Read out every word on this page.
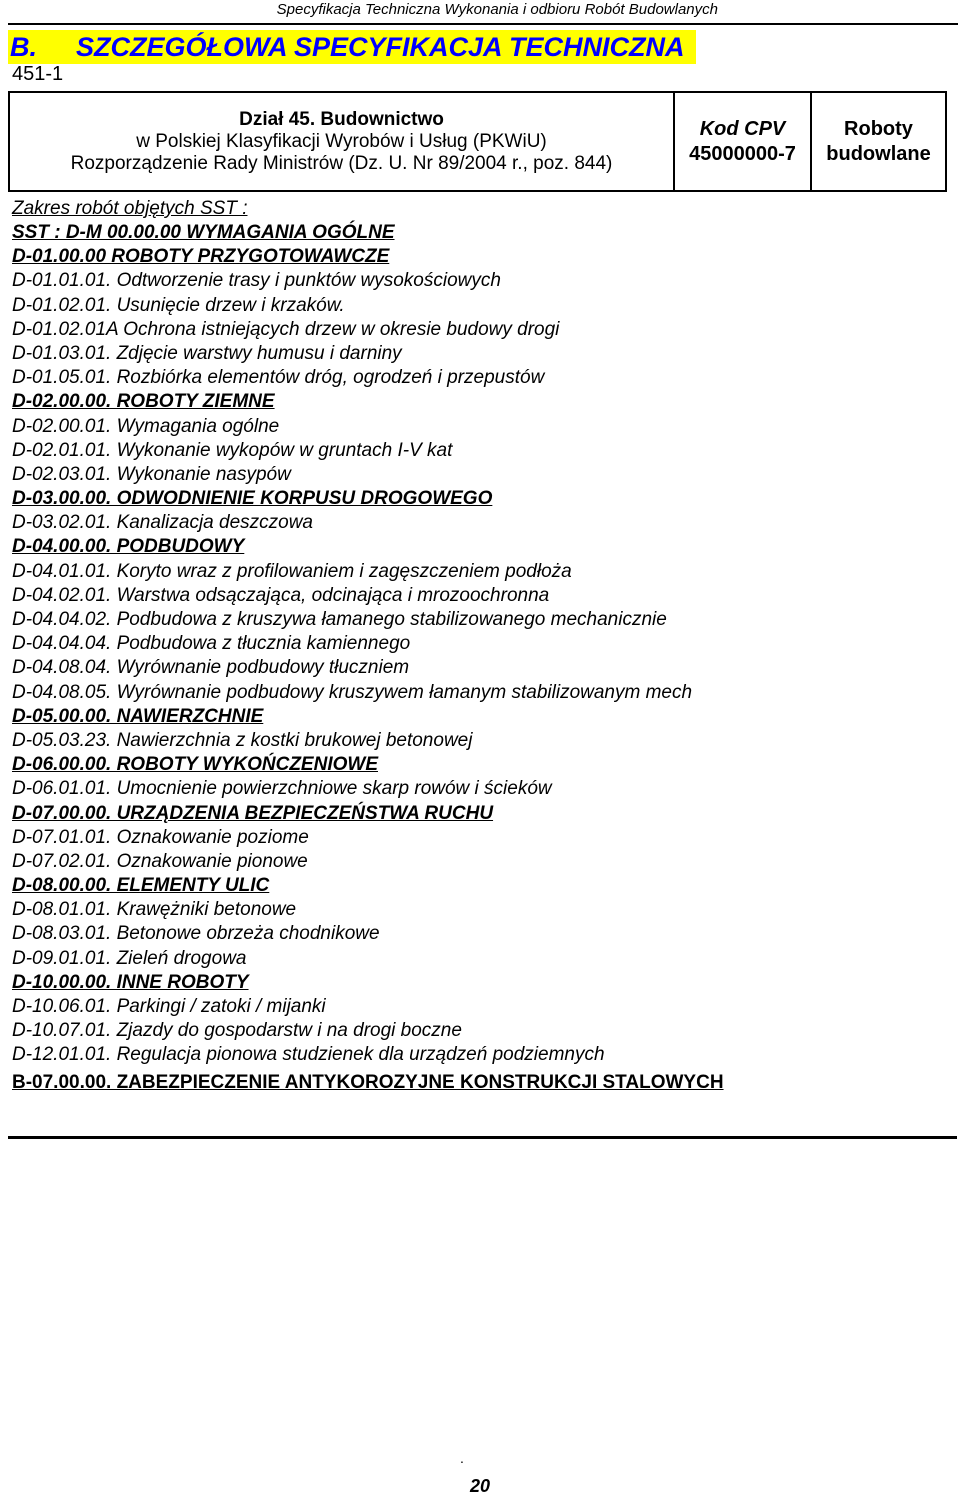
Specyfikacja Techniczna Wykonania i odbioru Robót Budowlanych
B. SZCZEGÓŁOWA SPECYFIKACJA TECHNICZNA
451-1
Dział 45. Budownictwo
w Polskiej Klasyfikacji Wyrobów i Usług (PKWiU)
Rozporządzenie Rady Ministrów (Dz. U. Nr 89/2004 r., poz. 844)
Kod CPV
45000000-7
Roboty
budowlane
Zakres robót objętych SST :
SST : D-M 00.00.00 WYMAGANIA OGÓLNE
D-01.00.00 ROBOTY PRZYGOTOWAWCZE
D-01.01.01. Odtworzenie trasy i punktów wysokościowych
D-01.02.01. Usunięcie drzew i krzaków.
D-01.02.01A Ochrona istniejących drzew w okresie budowy drogi
D-01.03.01. Zdjęcie warstwy humusu i darniny
D-01.05.01. Rozbiórka elementów dróg, ogrodzeń i przepustów
D-02.00.00. ROBOTY ZIEMNE
D-02.00.01. Wymagania ogólne
D-02.01.01. Wykonanie wykopów w gruntach I-V kat
D-02.03.01. Wykonanie nasypów
D-03.00.00. ODWODNIENIE KORPUSU DROGOWEGO
D-03.02.01. Kanalizacja deszczowa
D-04.00.00. PODBUDOWY
D-04.01.01. Koryto wraz z profilowaniem i zagęszczeniem podłoża
D-04.02.01. Warstwa odsączająca, odcinająca i mrozoochronna
D-04.04.02. Podbudowa z kruszywa łamanego stabilizowanego mechanicznie
D-04.04.04. Podbudowa z tłucznia kamiennego
D-04.08.04. Wyrównanie podbudowy tłuczniem
D-04.08.05. Wyrównanie podbudowy kruszywem łamanym stabilizowanym mech
D-05.00.00. NAWIERZCHNIE
D-05.03.23. Nawierzchnia z kostki brukowej betonowej
D-06.00.00. ROBOTY WYKOŃCZENIOWE
D-06.01.01. Umocnienie powierzchniowe skarp rowów i ścieków
D-07.00.00. URZĄDZENIA BEZPIECZEŃSTWA RUCHU
D-07.01.01. Oznakowanie poziome
D-07.02.01. Oznakowanie pionowe
D-08.00.00. ELEMENTY ULIC
D-08.01.01. Krawężniki betonowe
D-08.03.01. Betonowe obrzeża chodnikowe
D-09.01.01. Zieleń drogowa
D-10.00.00. INNE ROBOTY
D-10.06.01. Parkingi / zatoki / mijanki
D-10.07.01. Zjazdy do gospodarstw i na drogi boczne
D-12.01.01. Regulacja pionowa studzienek dla urządzeń podziemnych
B-07.00.00. ZABEZPIECZENIE ANTYKOROZYJNE KONSTRUKCJI STALOWYCH
.
20
